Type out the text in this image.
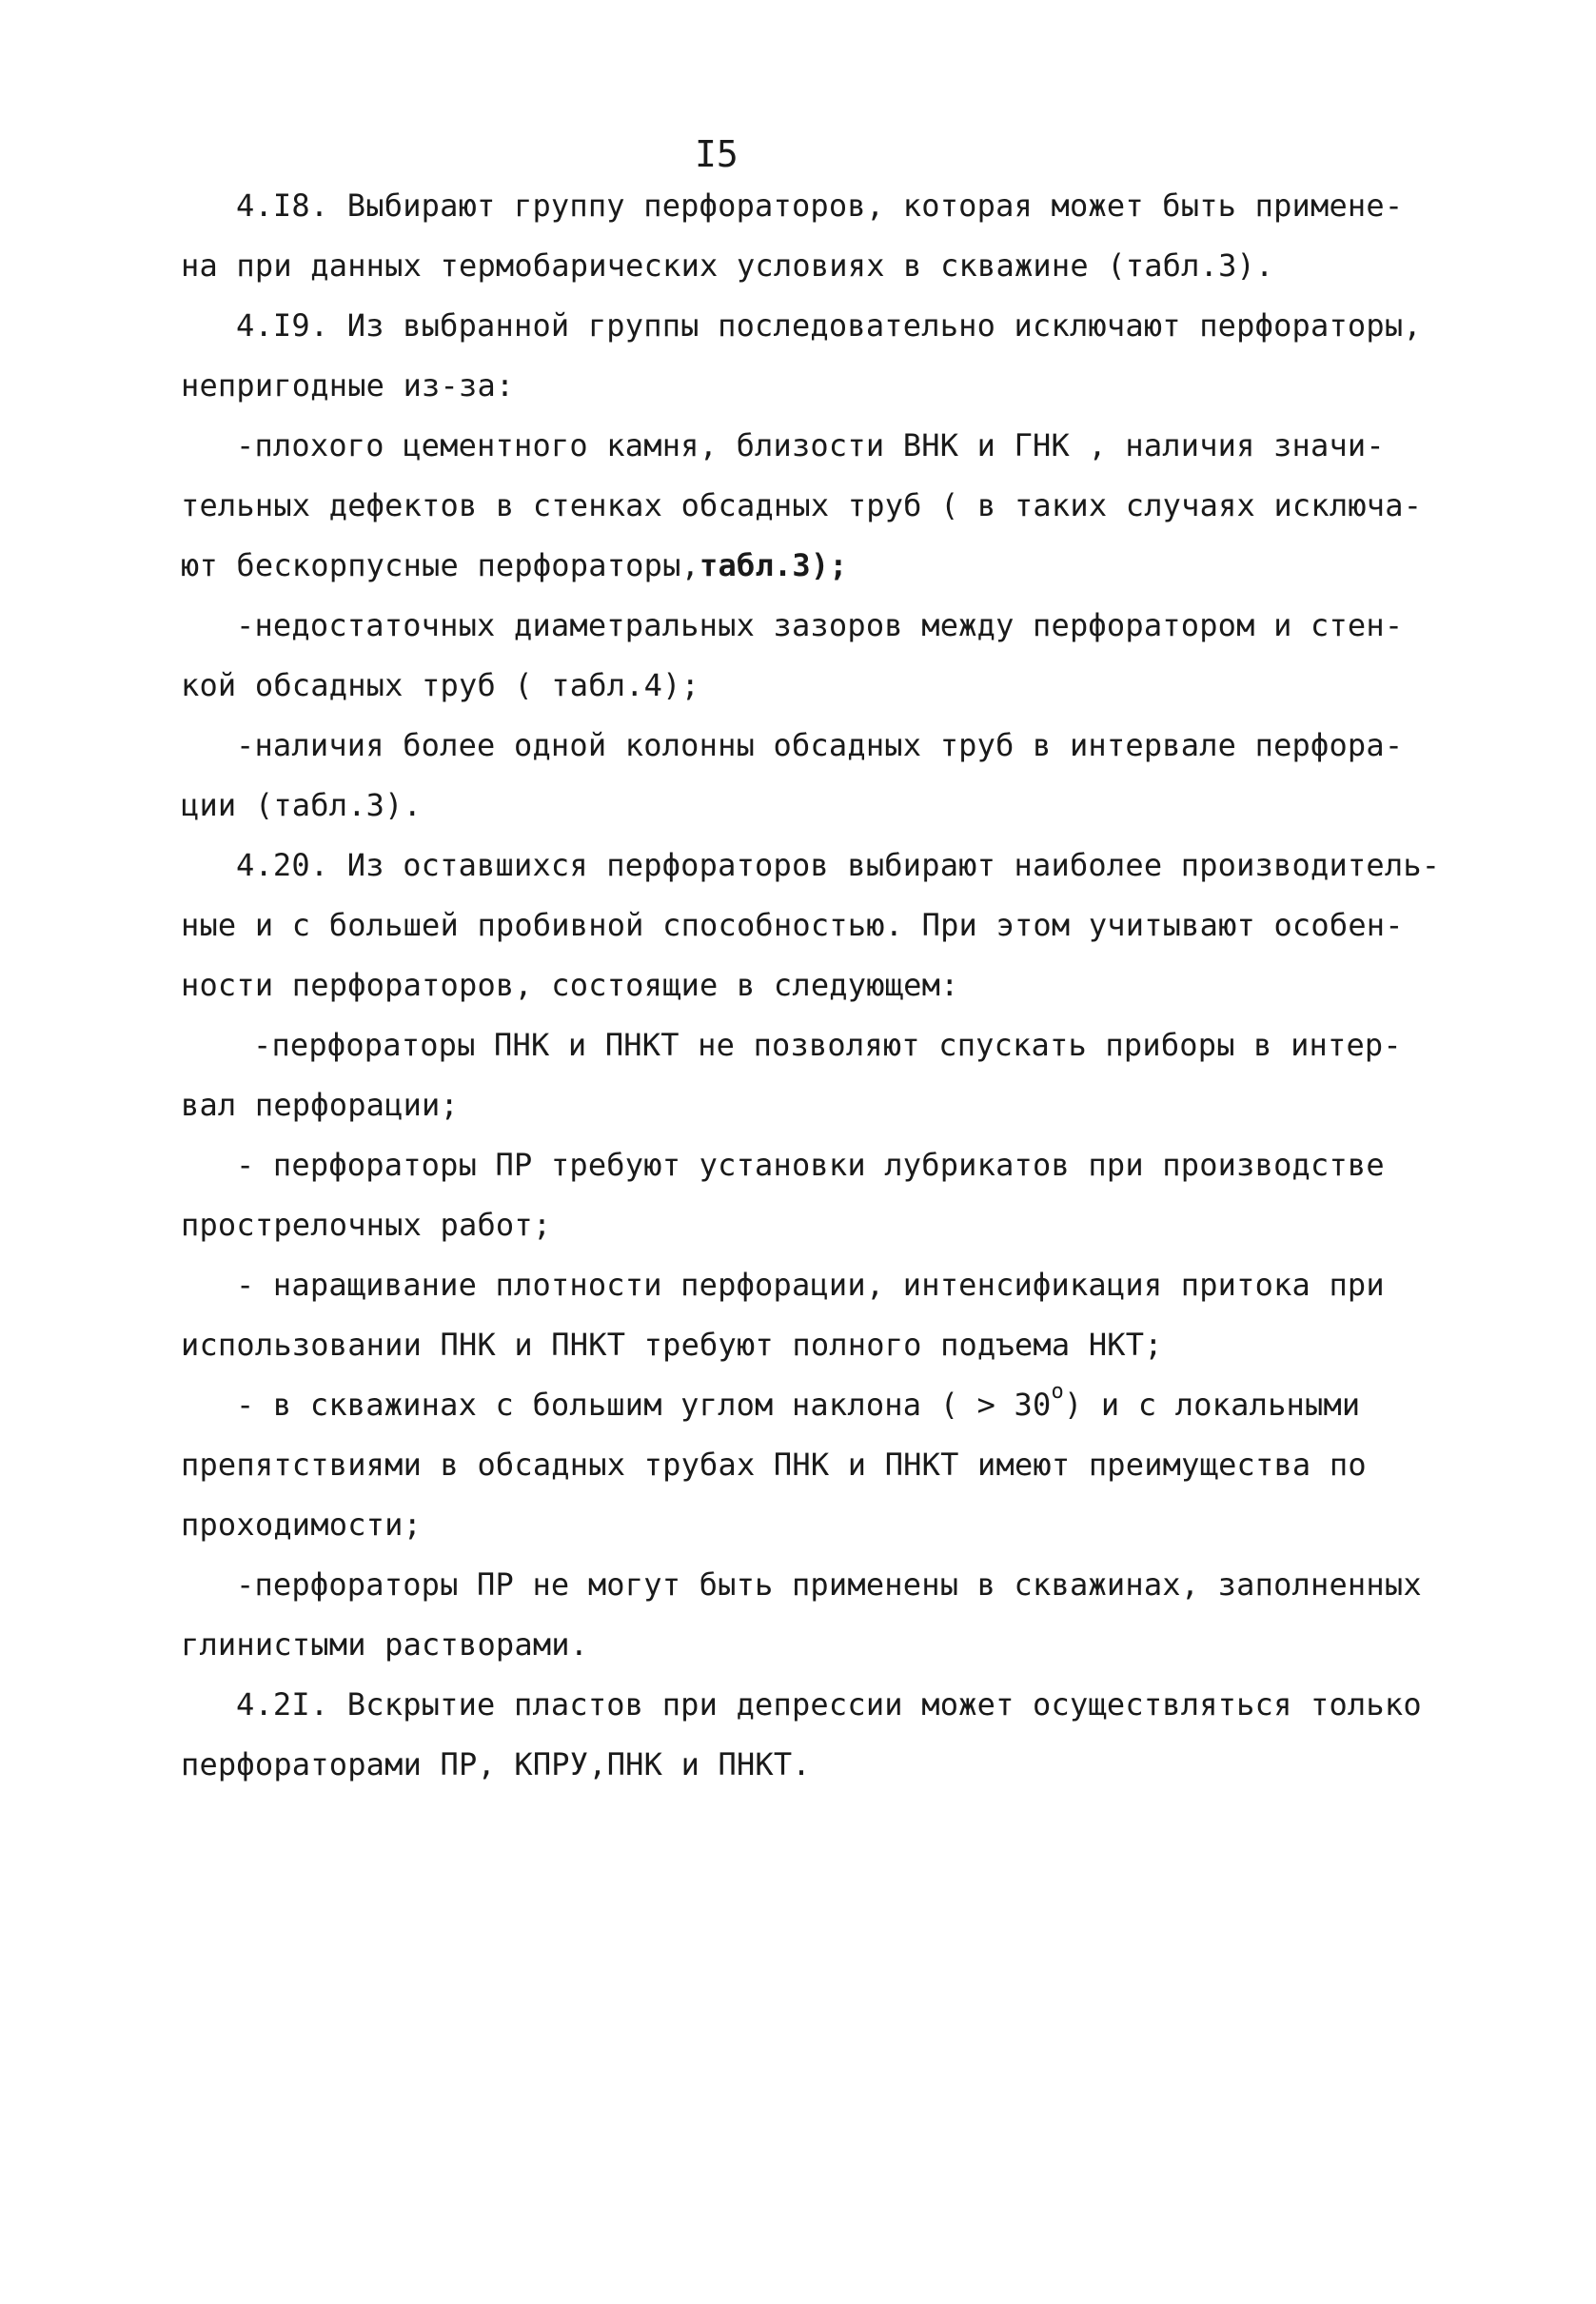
I5
4.I8. Выбирают группу перфораторов, которая может быть примене-
на при данных термобарических условиях в скважине (табл.3).
4.I9. Из выбранной группы последовательно исключают перфораторы,
непригодные из-за:
-плохого цементного камня, близости ВНК и ГНК , наличия значи-
тельных дефектов в стенках обсадных труб ( в таких случаях исключа-
ют бескорпусные перфораторы,табл.3);
-недостаточных диаметральных зазоров между перфоратором и стен-
кой обсадных труб ( табл.4);
-наличия более одной колонны обсадных труб в интервале перфора-
ции (табл.3).
4.20. Из оставшихся перфораторов выбирают наиболее производитель-
ные и с большей пробивной способностью. При этом учитывают особен-
ности перфораторов, состоящие в следующем:
-перфораторы ПНК и ПНКТ не позволяют спускать приборы в интер-
вал перфорации;
- перфораторы ПР требуют установки лубрикатов при производстве
прострелочных работ;
- наращивание плотности перфорации, интенсификация притока при
использовании ПНК и ПНКТ требуют полного подъема НКТ;
- в скважинах с большим углом наклона ( > $30^o$) и с локальными
препятствиями в обсадных трубах ПНК и ПНКТ имеют преимущества по
проходимости;
-перфораторы ПР не могут быть применены в скважинах, заполненных
глинистыми растворами.
4.2I. Вскрытие пластов при депрессии может осуществляться только
перфораторами ПР, КПРУ,ПНК и ПНКТ.
